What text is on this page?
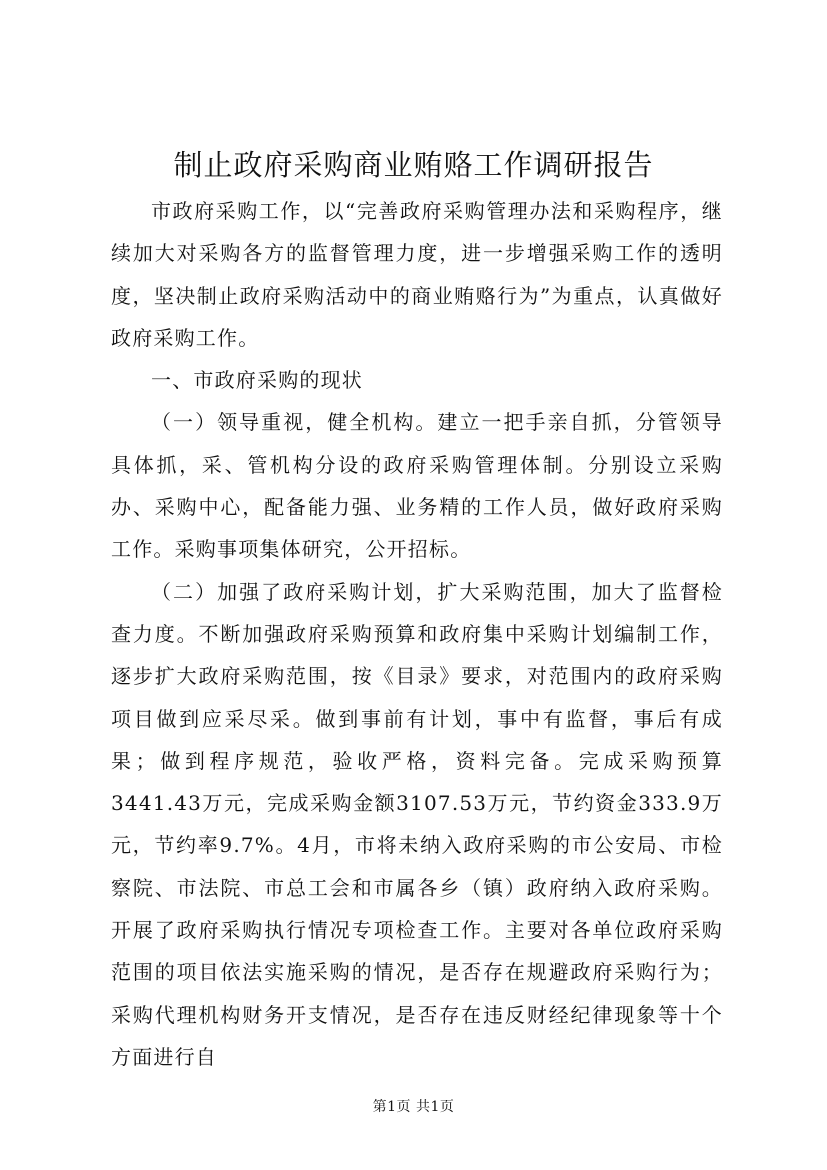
制止政府采购商业贿赂工作调研报告

市政府采购工作，以“完善政府采购管理办法和采购程序，继续加大对采购各方的监督管理力度，进一步增强采购工作的透明度，坚决制止政府采购活动中的商业贿赂行为”为重点，认真做好政府采购工作。

一、市政府采购的现状

（一）领导重视，健全机构。建立一把手亲自抓，分管领导具体抓，采、管机构分设的政府采购管理体制。分别设立采购办、采购中心，配备能力强、业务精的工作人员，做好政府采购工作。采购事项集体研究，公开招标。

（二）加强了政府采购计划，扩大采购范围，加大了监督检查力度。不断加强政府采购预算和政府集中采购计划编制工作，逐步扩大政府采购范围，按《目录》要求，对范围内的政府采购项目做到应采尽采。做到事前有计划，事中有监督，事后有成果；做到程序规范，验收严格，资料完备。完成采购预算3441.43万元，完成采购金额3107.53万元，节约资金333.9万元，节约率9.7%。4月，市将未纳入政府采购的市公安局、市检察院、市法院、市总工会和市属各乡（镇）政府纳入政府采购。开展了政府采购执行情况专项检查工作。主要对各单位政府采购范围的项目依法实施采购的情况，是否存在规避政府采购行为；采购代理机构财务开支情况，是否存在违反财经纪律现象等十个方面进行自

第1页 共1页
